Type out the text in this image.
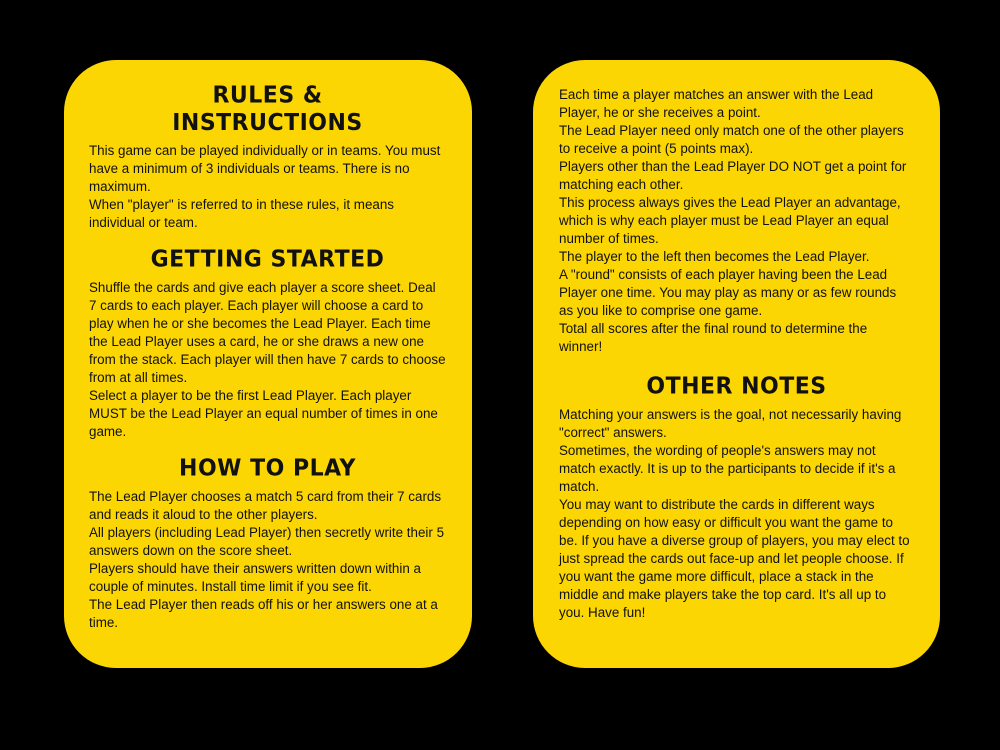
RULES &
INSTRUCTIONS

This game can be played individually or in teams. You must have a minimum of 3 individuals or teams. There is no maximum.
When "player" is referred to in these rules, it means individual or team.

GETTING STARTED

Shuffle the cards and give each player a score sheet. Deal 7 cards to each player. Each player will choose a card to play when he or she becomes the Lead Player. Each time the Lead Player uses a card, he or she draws a new one from the stack. Each player will then have 7 cards to choose from at all times.
Select a player to be the first Lead Player. Each player MUST be the Lead Player an equal number of times in one game.

HOW TO PLAY

The Lead Player chooses a match 5 card from their 7 cards and reads it aloud to the other players.
All players (including Lead Player) then secretly write their 5 answers down on the score sheet.
Players should have their answers written down within a couple of minutes. Install time limit if you see fit.
The Lead Player then reads off his or her answers one at a time.

Each time a player matches an answer with the Lead Player, he or she receives a point.
The Lead Player need only match one of the other players to receive a point (5 points max).
Players other than the Lead Player DO NOT get a point for matching each other.
This process always gives the Lead Player an advantage, which is why each player must be Lead Player an equal number of times.
The player to the left then becomes the Lead Player.
A "round" consists of each player having been the Lead Player one time. You may play as many or as few rounds as you like to comprise one game.
Total all scores after the final round to determine the winner!

OTHER NOTES

Matching your answers is the goal, not necessarily having "correct" answers.
Sometimes, the wording of people's answers may not match exactly. It is up to the participants to decide if it's a match.
You may want to distribute the cards in different ways depending on how easy or difficult you want the game to be. If you have a diverse group of players, you may elect to just spread the cards out face-up and let people choose. If you want the game more difficult, place a stack in the middle and make players take the top card. It's all up to you. Have fun!
